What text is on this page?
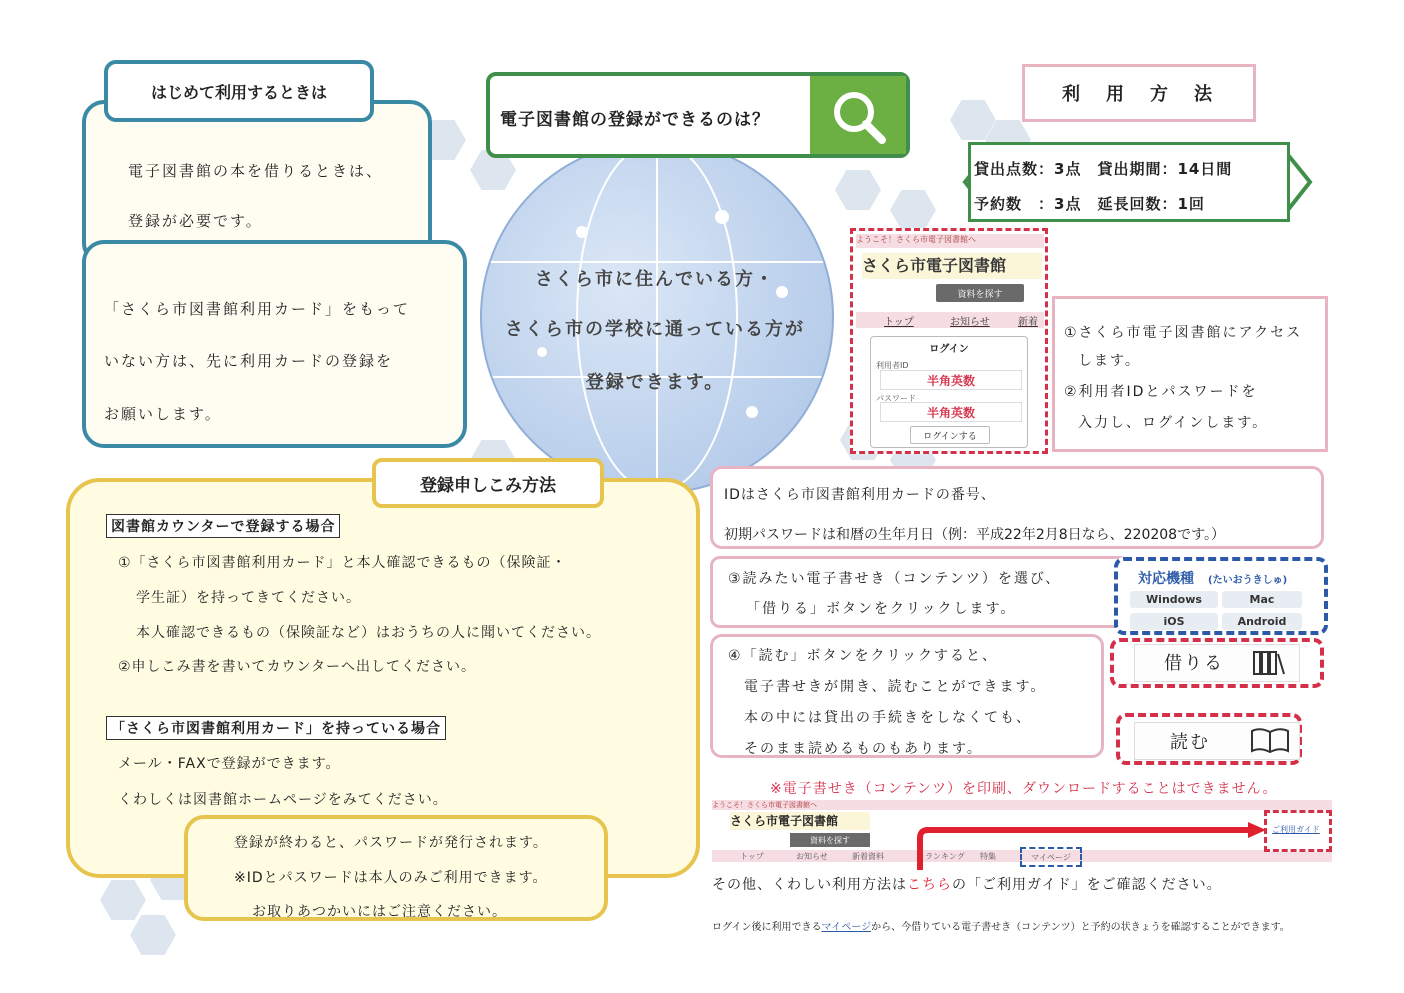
さくら市に住んでいる方・
さくら市の学校に通っている方が
登録できます。
はじめて利用するときは
電子図書館の本を借りるときは、
登録が必要です。
「さくら市図書館利用カード」をもって
いない方は、先に利用カードの登録を
お願いします。
電子図書館の登録ができるのは？
利　用　方　法
貸出点数：3点　貸出期間：14日間
予約数　：3点　延長回数：1回
ようこそ！さくら市電子図書館へ
さくら市電子図書館
資料を探す
トップ	お知らせ	新着
ログイン
利用者ID
半角英数
パスワード
半角英数
ログインする
①さくら市電子図書館にアクセス
します。
②利用者IDとパスワードを
入力し、ログインします。
IDはさくら市図書館利用カードの番号、
初期パスワードは和暦の生年月日（例：平成22年2月8日なら、220208です。）
③読みたい電子書せき（コンテンツ）を選び、
「借りる」ボタンをクリックします。
対応機種 (たいおうきしゅ)
Windows	Mac
iOS	Android
借りる
④「読む」ボタンをクリックすると、
電子書せきが開き、読むことができます。
本の中には貸出の手続きをしなくても、
そのまま読めるものもあります。	読む
※電子書せき（コンテンツ）を印刷、ダウンロードすることはできません。
登録申しこみ方法
図書館カウンターで登録する場合
①「さくら市図書館利用カード」と本人確認できるもの（保険証・
学生証）を持ってきてください。
本人確認できるもの（保険証など）はおうちの人に聞いてください。
②申しこみ書を書いてカウンターへ出してください。
「さくら市図書館利用カード」を持っている場合
メール・FAXで登録ができます。
くわしくは図書館ホームページをみてください。
登録が終わると、パスワードが発行されます。
※IDとパスワードは本人のみご利用できます。
お取りあつかいにはご注意ください。
ようこそ！さくら市電子図書館へ
さくら市電子図書館
資料を探す
トップ	お知らせ	新着資料	ランキング 特集	マイページ
ご利用ガイド
その他、くわしい利用方法はこちらの「ご利用ガイド」をご確認ください。
ログイン後に利用できるマイページから、今借りている電子書せき（コンテンツ）と予約の状きょうを確認することができます。
